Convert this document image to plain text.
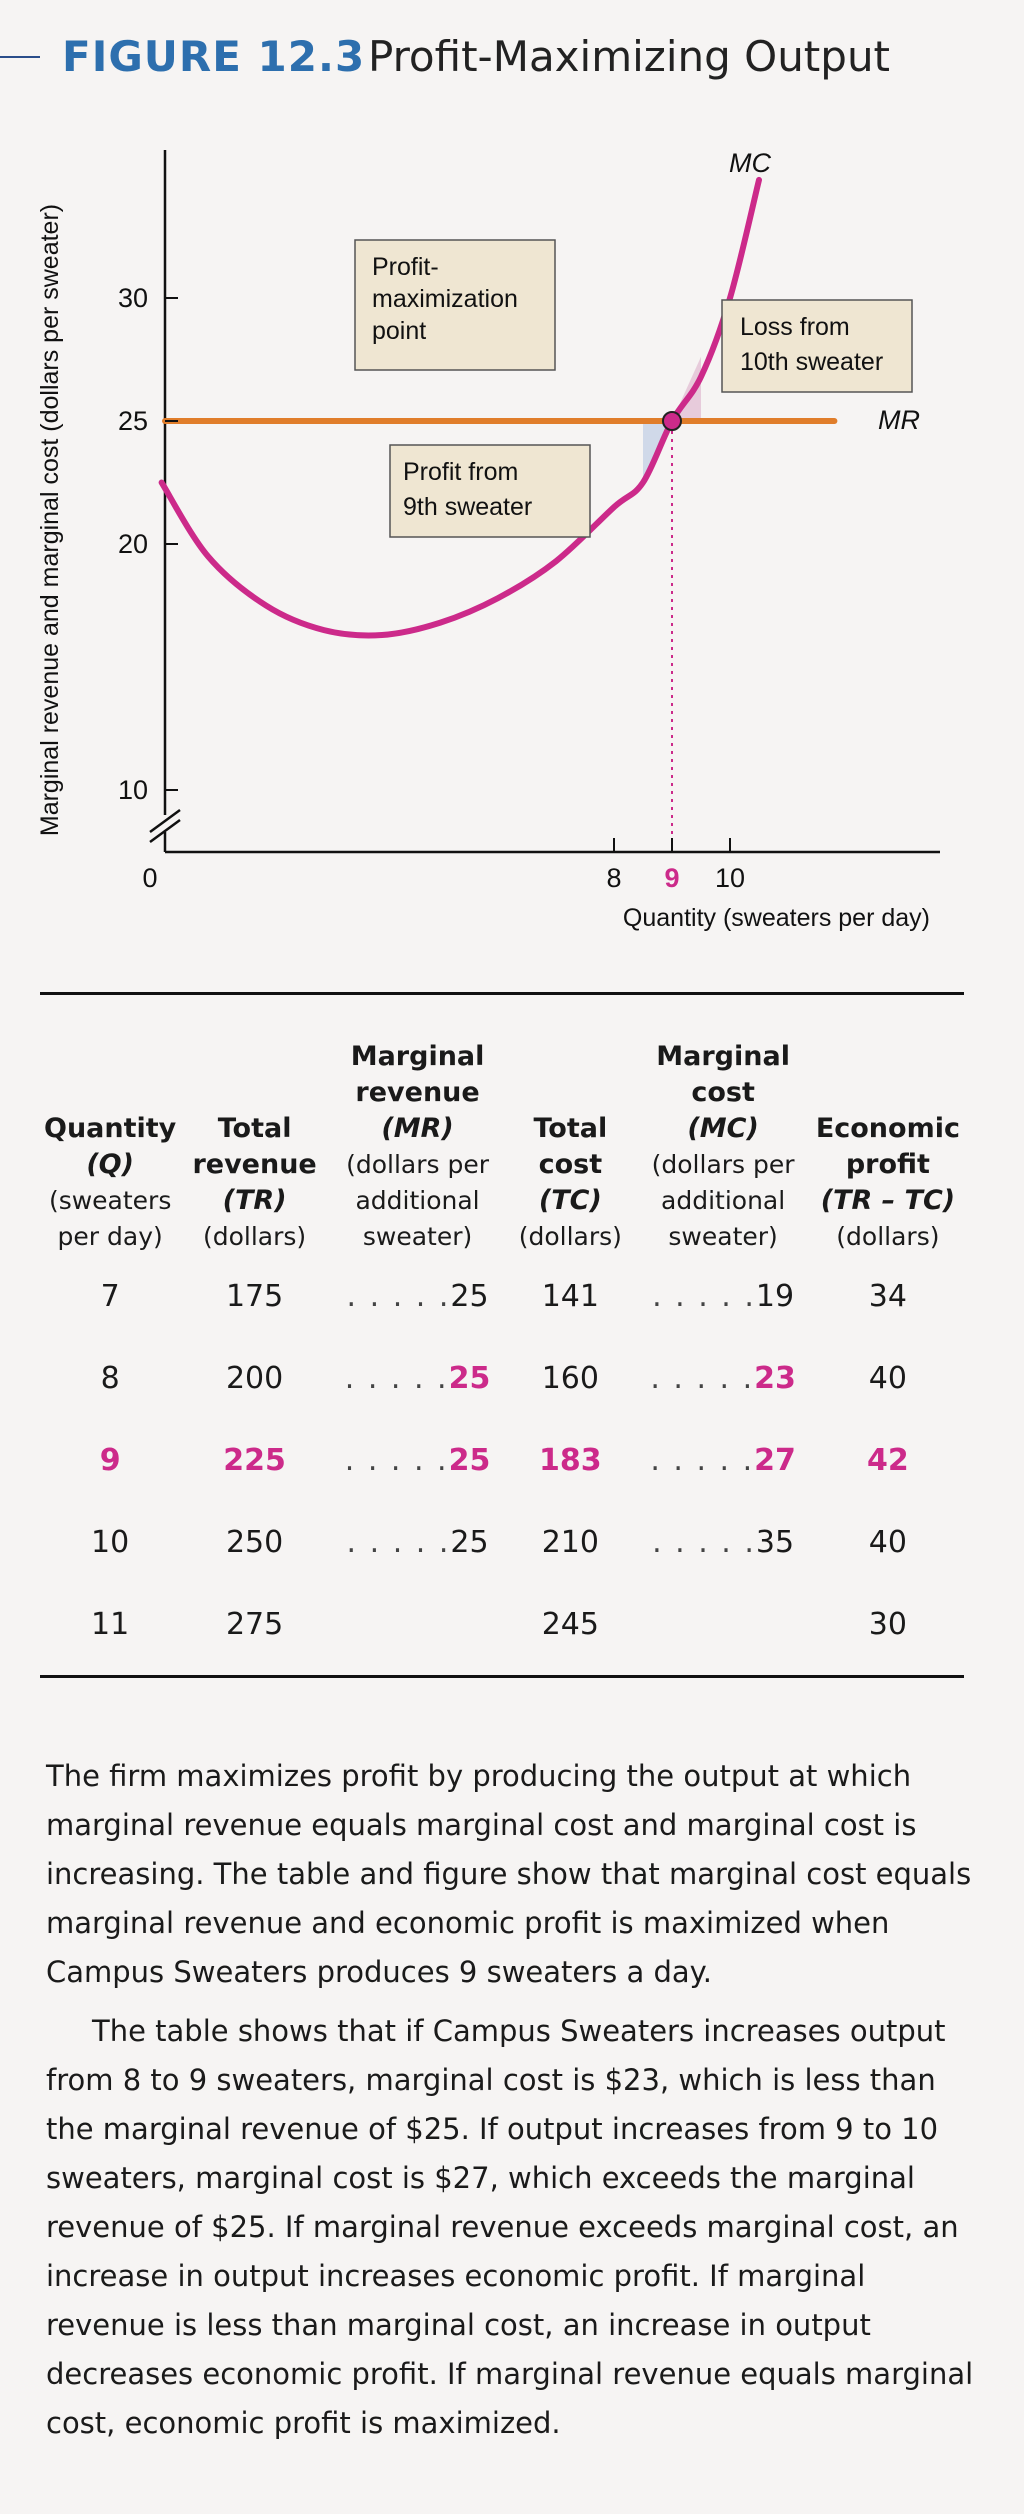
FIGURE 12.3 Profit-Maximizing Output
Marginal revenue and marginal cost (dollars per sweater)
MC
MR
10
20
25
30
0	8 9 10
Profit- maximization point	Loss from 10th sweater
Profit from 9th sweater
Quantity (sweaters per day)
Quantity
(Q)
(sweaters per day)	Total revenue
(TR)
(dollars)	Marginal revenue
(MR)
(dollars per additional sweater)	Total cost
(TC)
(dollars)	Marginal cost
(MC)
(dollars per additional sweater)	Economic profit
(TR – TC)
(dollars)

7	175	. . . . .25	141	. . . . .19	34
8	200	. . . . .25	160	. . . . .23	40
9	225	. . . . .25	183	. . . . .27	42
10	250	. . . . .25	210	. . . . .35	40
11	275		245		30

The firm maximizes profit by producing the output at which marginal revenue equals marginal cost and marginal cost is increasing. The table and figure show that marginal cost equals marginal revenue and economic profit is maximized when Campus Sweaters produces 9 sweaters a day.

The table shows that if Campus Sweaters increases output from 8 to 9 sweaters, marginal cost is $23, which is less than the marginal revenue of $25. If output increases from 9 to 10 sweaters, marginal cost is $27, which exceeds the marginal revenue of $25. If marginal revenue exceeds marginal cost, an increase in output increases economic profit. If marginal revenue is less than marginal cost, an increase in output decreases economic profit. If marginal revenue equals marginal cost, economic profit is maximized.
